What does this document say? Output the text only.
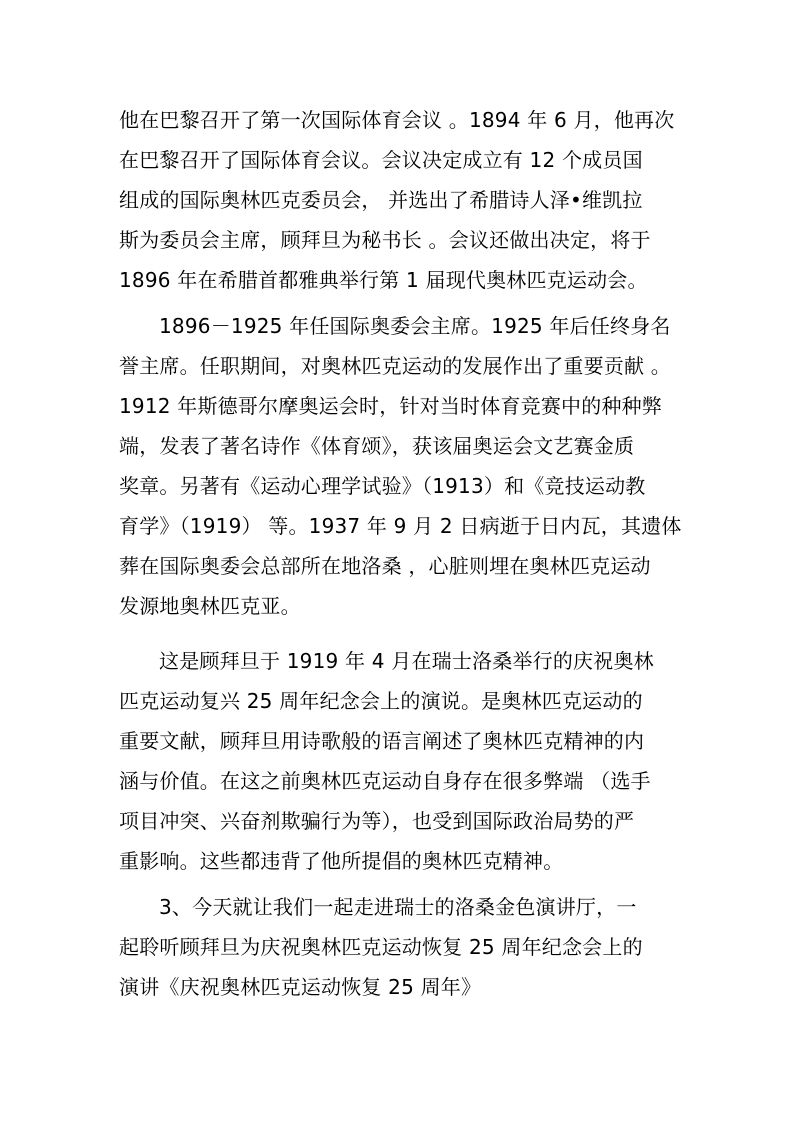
他在巴黎召开了第一次国际体育会议 。1894 年 6 月，他再次
在巴黎召开了国际体育会议。会议决定成立有 12 个成员国
组成的国际奥林匹克委员会， 并选出了希腊诗人泽•维凯拉
斯为委员会主席，顾拜旦为秘书长 。会议还做出决定，将于
1896 年在希腊首都雅典举行第 1 届现代奥林匹克运动会。
1896－1925 年任国际奥委会主席。1925 年后任终身名
誉主席。任职期间，对奥林匹克运动的发展作出了重要贡献 。
1912 年斯德哥尔摩奥运会时，针对当时体育竞赛中的种种弊
端，发表了著名诗作《体育颂》，获该届奥运会文艺赛金质
奖章。另著有《运动心理学试验》（1913）和《竞技运动教
育学》（1919） 等。1937 年 9 月 2 日病逝于日内瓦，其遗体
葬在国际奥委会总部所在地洛桑 ，心脏则埋在奥林匹克运动
发源地奥林匹克亚。
这是顾拜旦于 1919 年 4 月在瑞士洛桑举行的庆祝奥林
匹克运动复兴 25 周年纪念会上的演说。是奥林匹克运动的
重要文献，顾拜旦用诗歌般的语言阐述了奥林匹克精神的内
涵与价值。在这之前奥林匹克运动自身存在很多弊端 （选手
项目冲突、兴奋剂欺骗行为等），也受到国际政治局势的严
重影响。这些都违背了他所提倡的奥林匹克精神。
3、今天就让我们一起走进瑞士的洛桑金色演讲厅，一
起聆听顾拜旦为庆祝奥林匹克运动恢复 25 周年纪念会上的
演讲《庆祝奥林匹克运动恢复 25 周年》
